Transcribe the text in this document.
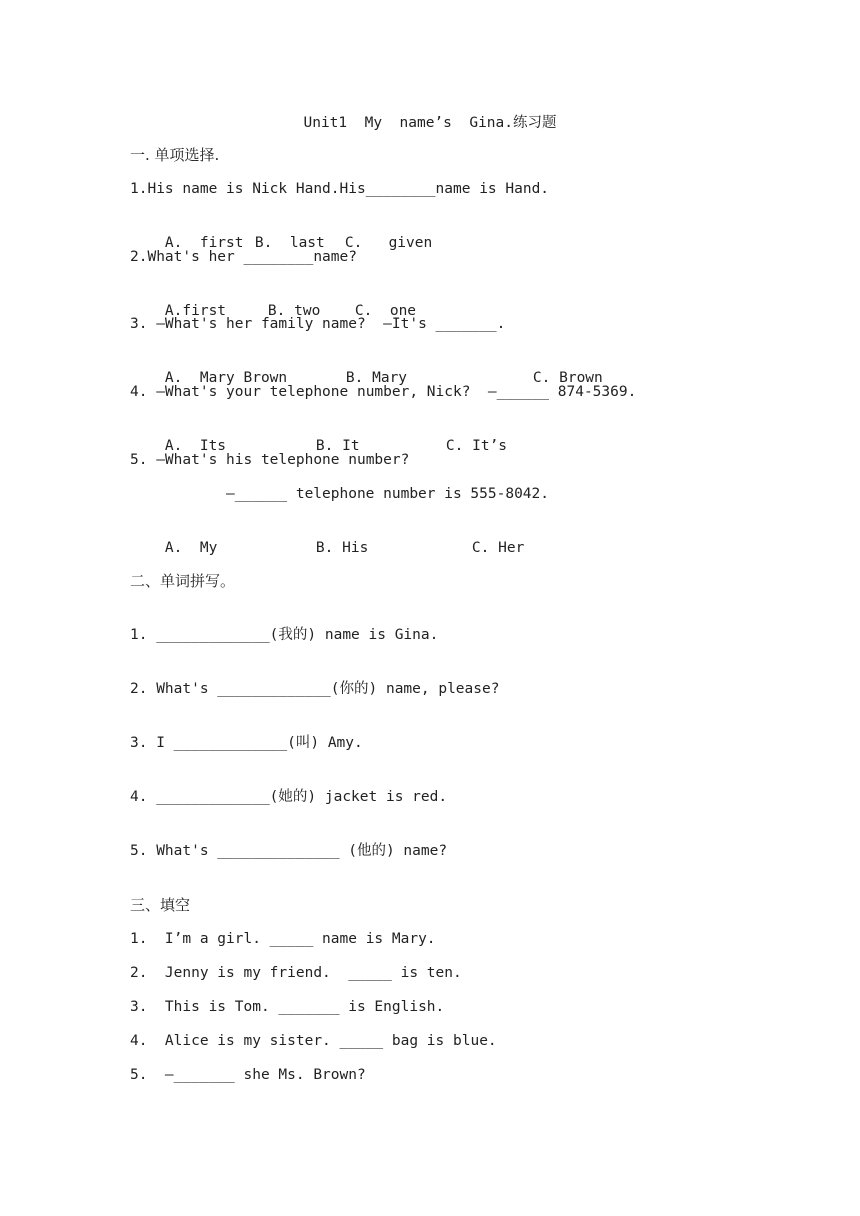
Unit1  My  name’s  Gina.练习题
一. 单项选择.
1.His name is Nick Hand.His________name is Hand.

A.  first B.  last C.   given

2.What's her ________name?

A.first	B. two C.  one

3. —What's her family name?  —It's _______.

A.  Mary Brown	B. Mary	C. Brown

4. —What's your telephone number, Nick?  —______ 874-5369.

A.  Its	B. It	C. It’s

5. —What's his telephone number?
—______ telephone number is 555-8042.

A.  My	B. His	C. Her

二、单词拼写。
1. _____________(我的) name is Gina.
2. What's _____________(你的) name, please?
3. I _____________(叫) Amy.
4. _____________(她的) jacket is red.
5. What's ______________ (他的) name?
三、填空
1.  I’m a girl. _____ name is Mary.
2.  Jenny is my friend.  _____ is ten.
3.  This is Tom. _______ is English.
4.  Alice is my sister. _____ bag is blue.
5.  —_______ she Ms. Brown?
